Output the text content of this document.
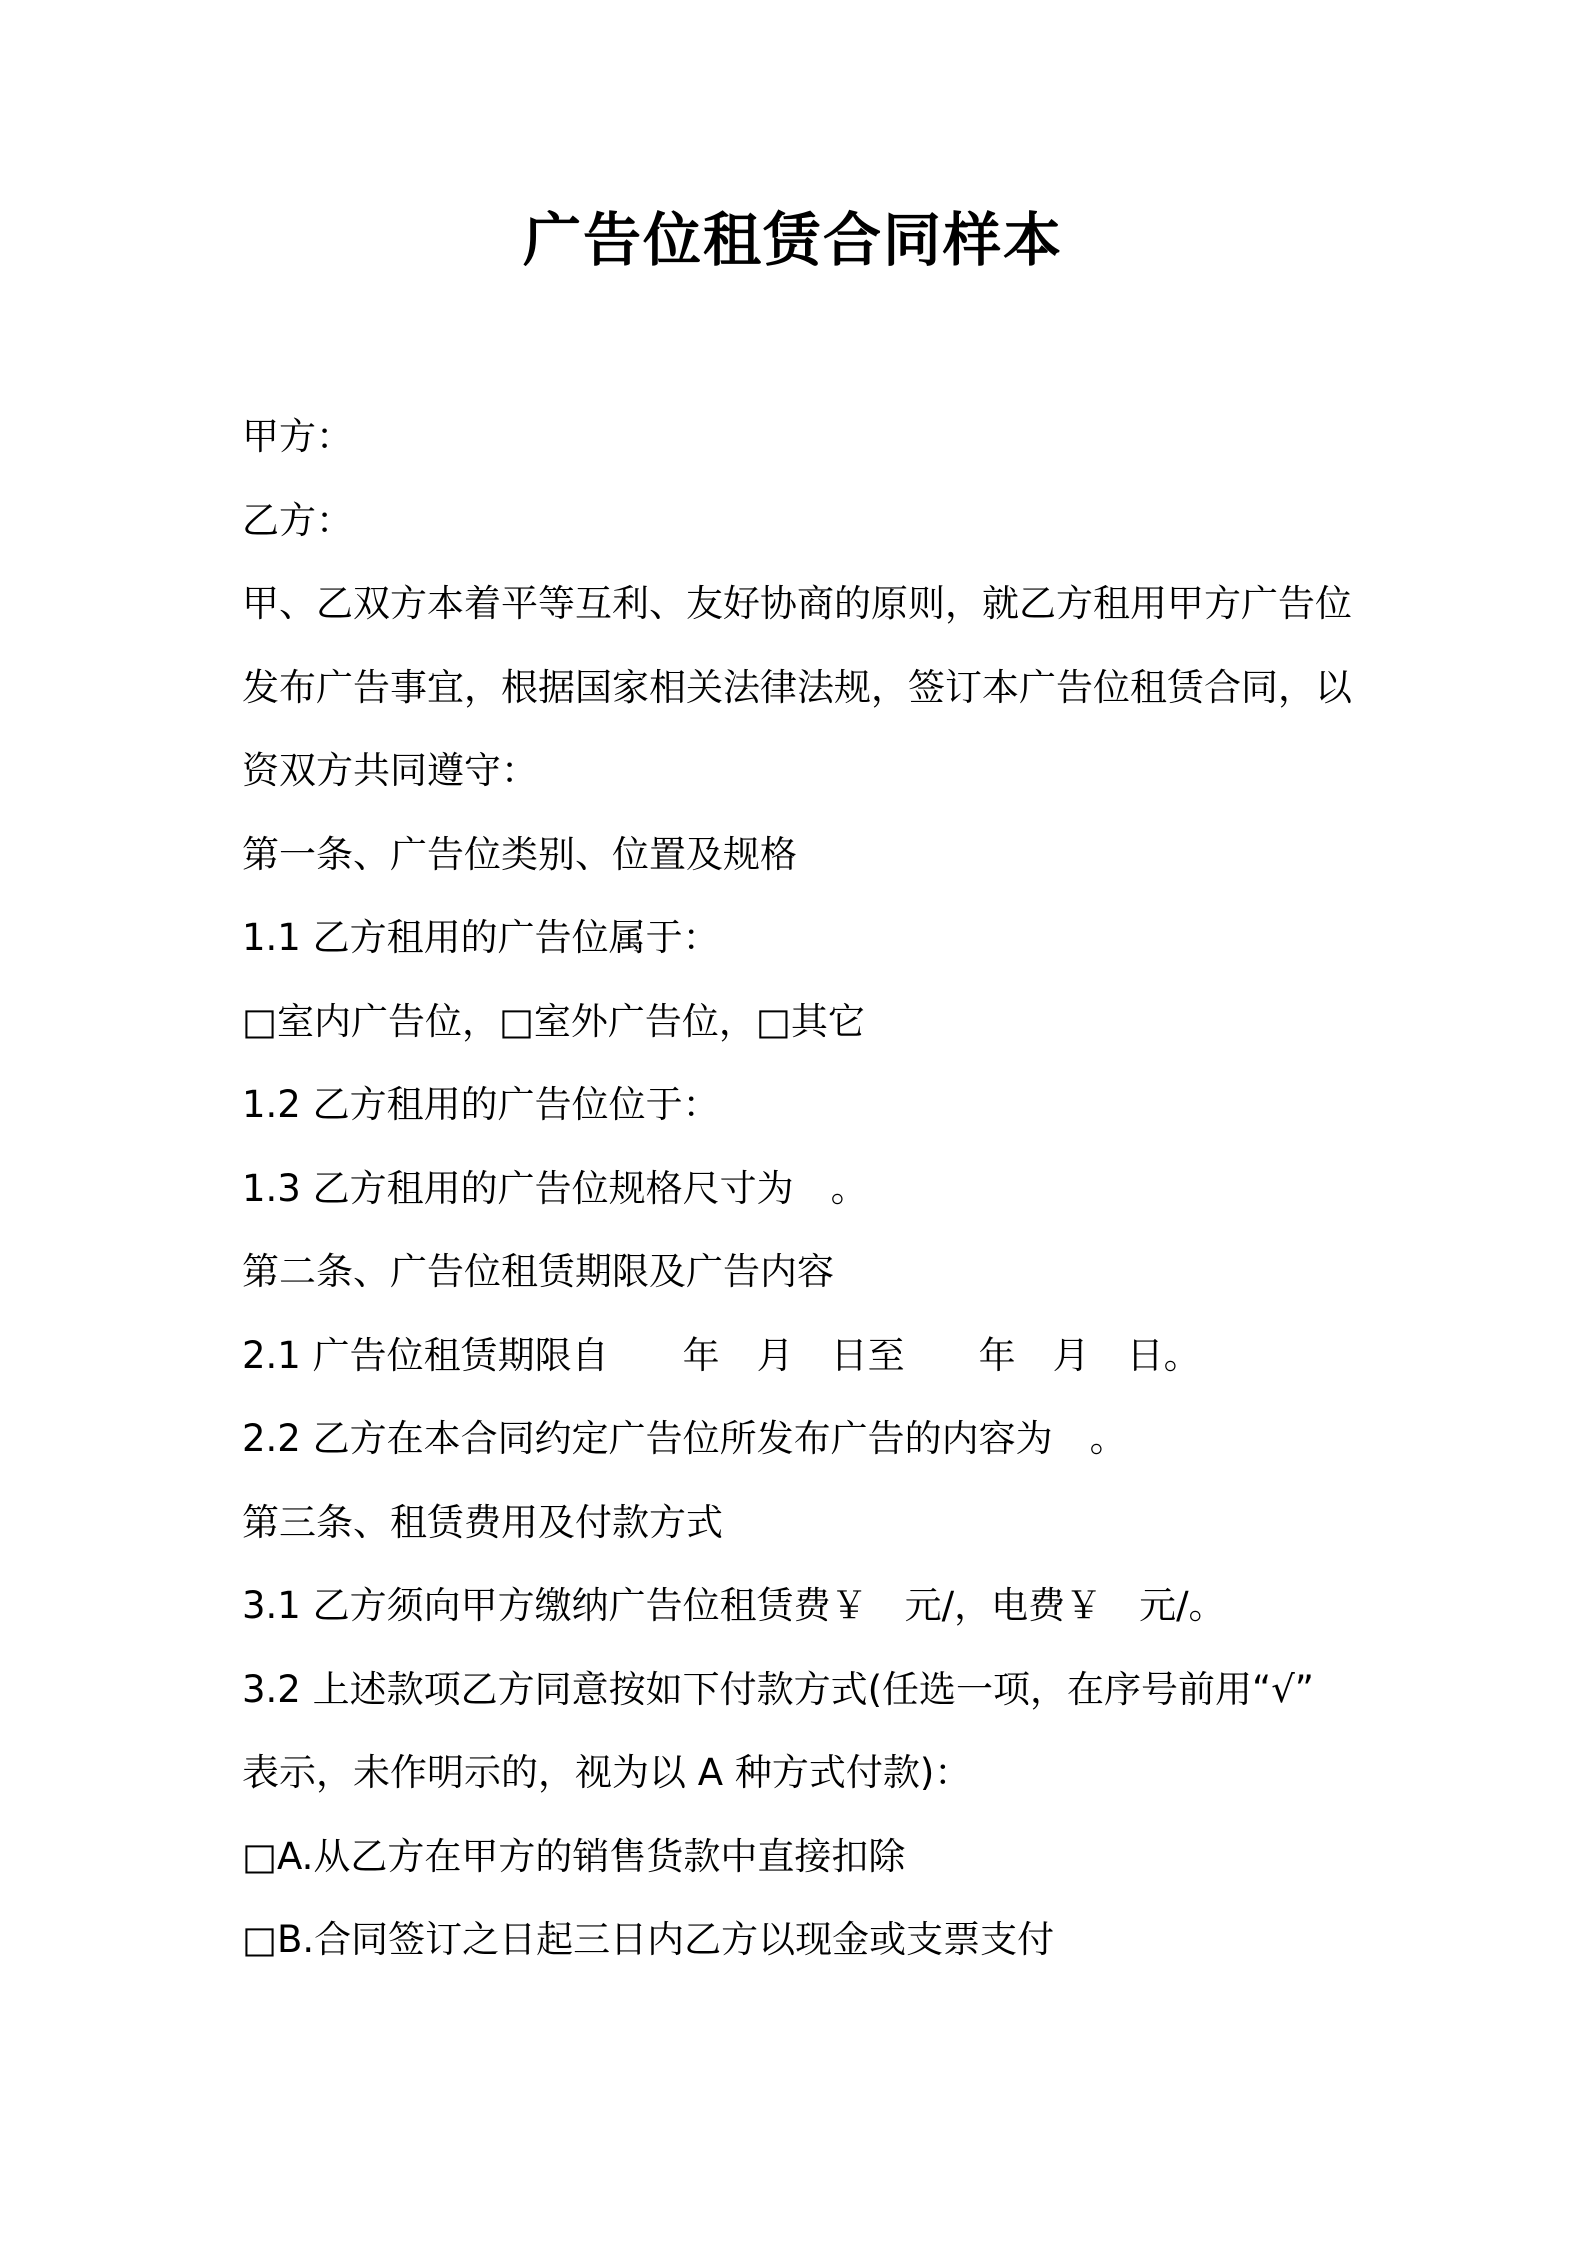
广告位租赁合同样本
甲方：
乙方：
甲、乙双方本着平等互利、友好协商的原则，就乙方租用甲方广告位
发布广告事宜，根据国家相关法律法规，签订本广告位租赁合同，以
资双方共同遵守：
第一条、广告位类别、位置及规格
1.1 乙方租用的广告位属于：
□室内广告位，□室外广告位，□其它
1.2 乙方租用的广告位位于：
1.3 乙方租用的广告位规格尺寸为　。
第二条、广告位租赁期限及广告内容
2.1 广告位租赁期限自　　年　月　日至　　年　月　日。
2.2 乙方在本合同约定广告位所发布广告的内容为　。
第三条、租赁费用及付款方式
3.1 乙方须向甲方缴纳广告位租赁费￥　元/，电费￥　元/。
3.2 上述款项乙方同意按如下付款方式(任选一项，在序号前用“√”
表示，未作明示的，视为以 A 种方式付款)：
□A.从乙方在甲方的销售货款中直接扣除
□B.合同签订之日起三日内乙方以现金或支票支付
